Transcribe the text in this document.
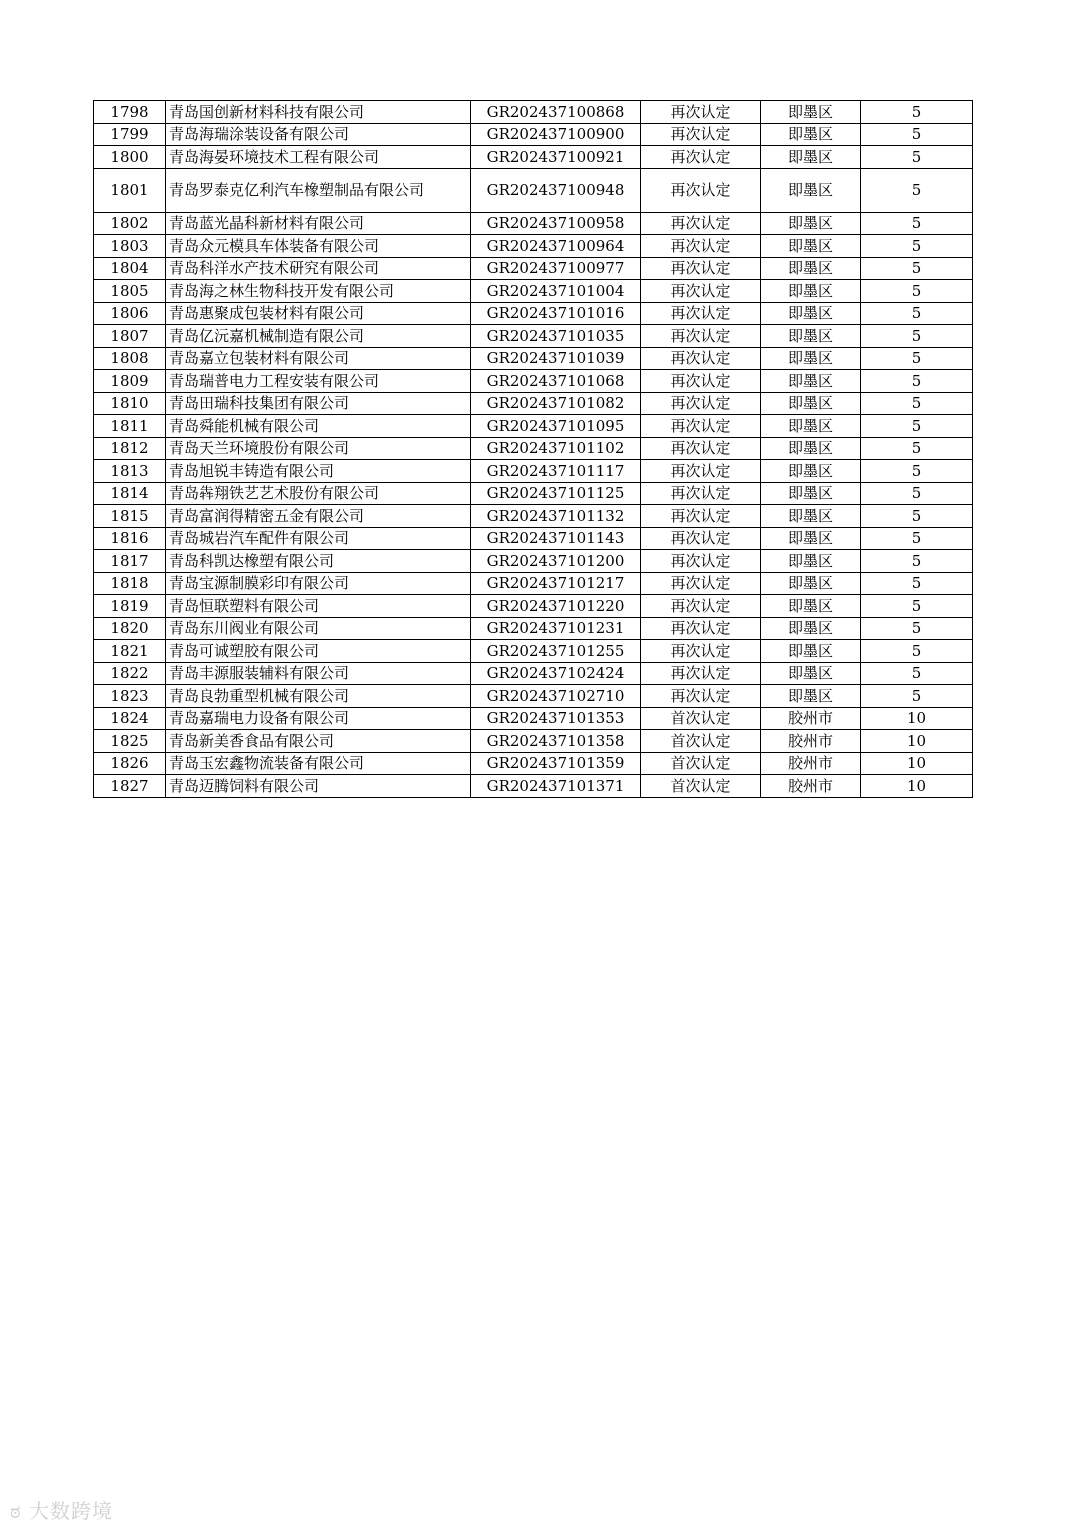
1798	青岛国创新材料科技有限公司	GR202437100868	再次认定	即墨区	5
1799	青岛海瑞涂装设备有限公司	GR202437100900	再次认定	即墨区	5
1800	青岛海晏环境技术工程有限公司	GR202437100921	再次认定	即墨区	5
1801	青岛罗泰克亿利汽车橡塑制品有限公司	GR202437100948	再次认定	即墨区	5
1802	青岛蓝光晶科新材料有限公司	GR202437100958	再次认定	即墨区	5
1803	青岛众元模具车体装备有限公司	GR202437100964	再次认定	即墨区	5
1804	青岛科洋水产技术研究有限公司	GR202437100977	再次认定	即墨区	5
1805	青岛海之林生物科技开发有限公司	GR202437101004	再次认定	即墨区	5
1806	青岛惠聚成包装材料有限公司	GR202437101016	再次认定	即墨区	5
1807	青岛亿沅嘉机械制造有限公司	GR202437101035	再次认定	即墨区	5
1808	青岛嘉立包装材料有限公司	GR202437101039	再次认定	即墨区	5
1809	青岛瑞普电力工程安装有限公司	GR202437101068	再次认定	即墨区	5
1810	青岛田瑞科技集团有限公司	GR202437101082	再次认定	即墨区	5
1811	青岛舜能机械有限公司	GR202437101095	再次认定	即墨区	5
1812	青岛天兰环境股份有限公司	GR202437101102	再次认定	即墨区	5
1813	青岛旭锐丰铸造有限公司	GR202437101117	再次认定	即墨区	5
1814	青岛犇翔铁艺艺术股份有限公司	GR202437101125	再次认定	即墨区	5
1815	青岛富润得精密五金有限公司	GR202437101132	再次认定	即墨区	5
1816	青岛城岩汽车配件有限公司	GR202437101143	再次认定	即墨区	5
1817	青岛科凯达橡塑有限公司	GR202437101200	再次认定	即墨区	5
1818	青岛宝源制膜彩印有限公司	GR202437101217	再次认定	即墨区	5
1819	青岛恒联塑料有限公司	GR202437101220	再次认定	即墨区	5
1820	青岛东川阀业有限公司	GR202437101231	再次认定	即墨区	5
1821	青岛可诚塑胶有限公司	GR202437101255	再次认定	即墨区	5
1822	青岛丰源服装辅料有限公司	GR202437102424	再次认定	即墨区	5
1823	青岛良勃重型机械有限公司	GR202437102710	再次认定	即墨区	5
1824	青岛嘉瑞电力设备有限公司	GR202437101353	首次认定	胶州市	10
1825	青岛新美香食品有限公司	GR202437101358	首次认定	胶州市	10
1826	青岛玉宏鑫物流装备有限公司	GR202437101359	首次认定	胶州市	10
1827	青岛迈腾饲料有限公司	GR202437101371	首次认定	胶州市	10
ಠ 大数跨境
